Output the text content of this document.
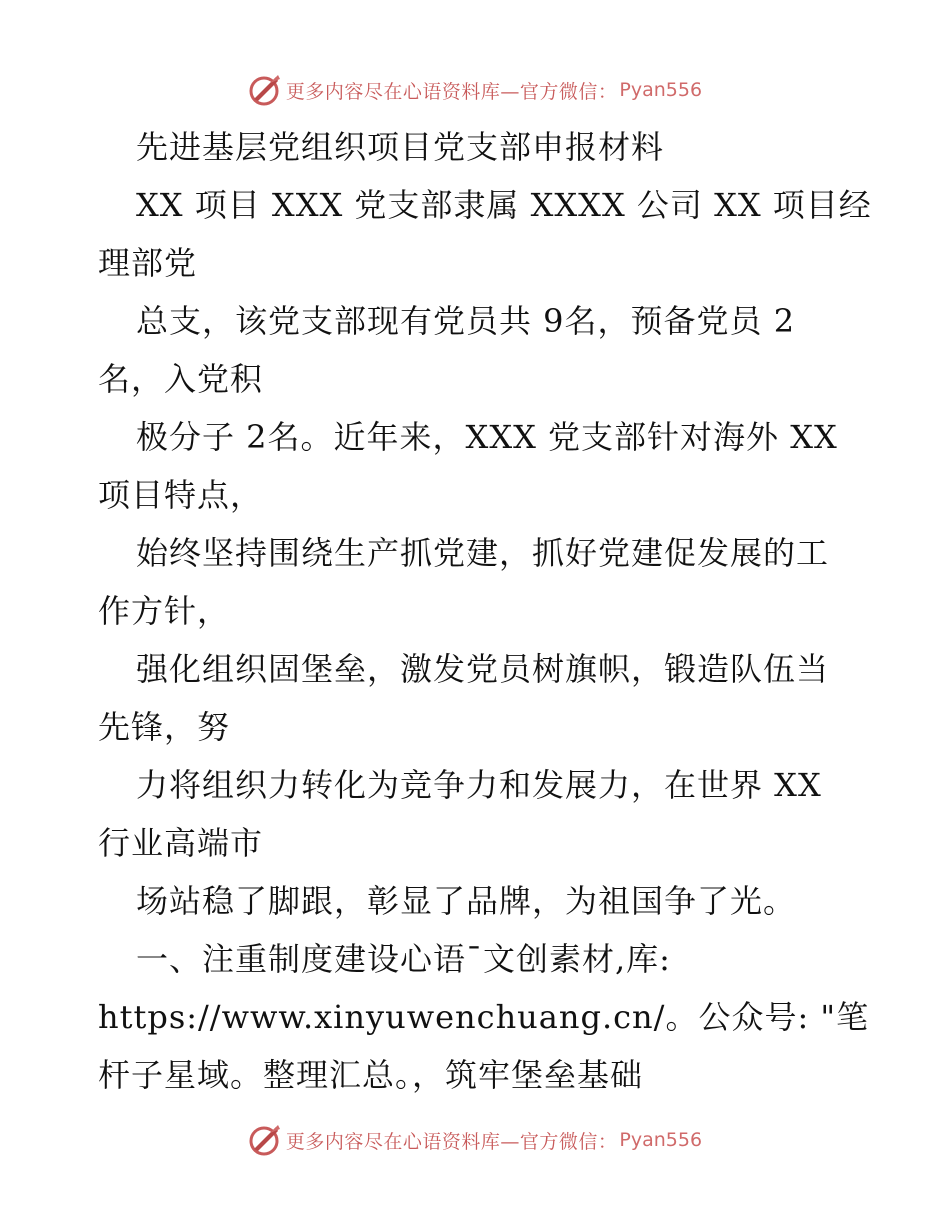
更多内容尽在心语资料库—官方微信： Pyan556
先进基层党组织项目党支部申报材料
XX 项目 XXX 党支部隶属 XXXX 公司 XX 项目经
理部党
总支，该党支部现有党员共 9名，预备党员 2
名，入党积
极分子 2名。近年来，XXX 党支部针对海外 XX
项目特点，
始终坚持围绕生产抓党建，抓好党建促发展的工
作方针，
强化组织固堡垒，激发党员树旗帜，锻造队伍当
先锋，努
力将组织力转化为竞争力和发展力，在世界 XX
行业高端市
场站稳了脚跟，彰显了品牌，为祖国争了光。
一、注重制度建设心语¯文创素材,库:
https://www.xinyuwenchuang.cn/。公众号: "笔
杆子星域。整理汇总。，筑牢堡垒基础
更多内容尽在心语资料库—官方微信： Pyan556
